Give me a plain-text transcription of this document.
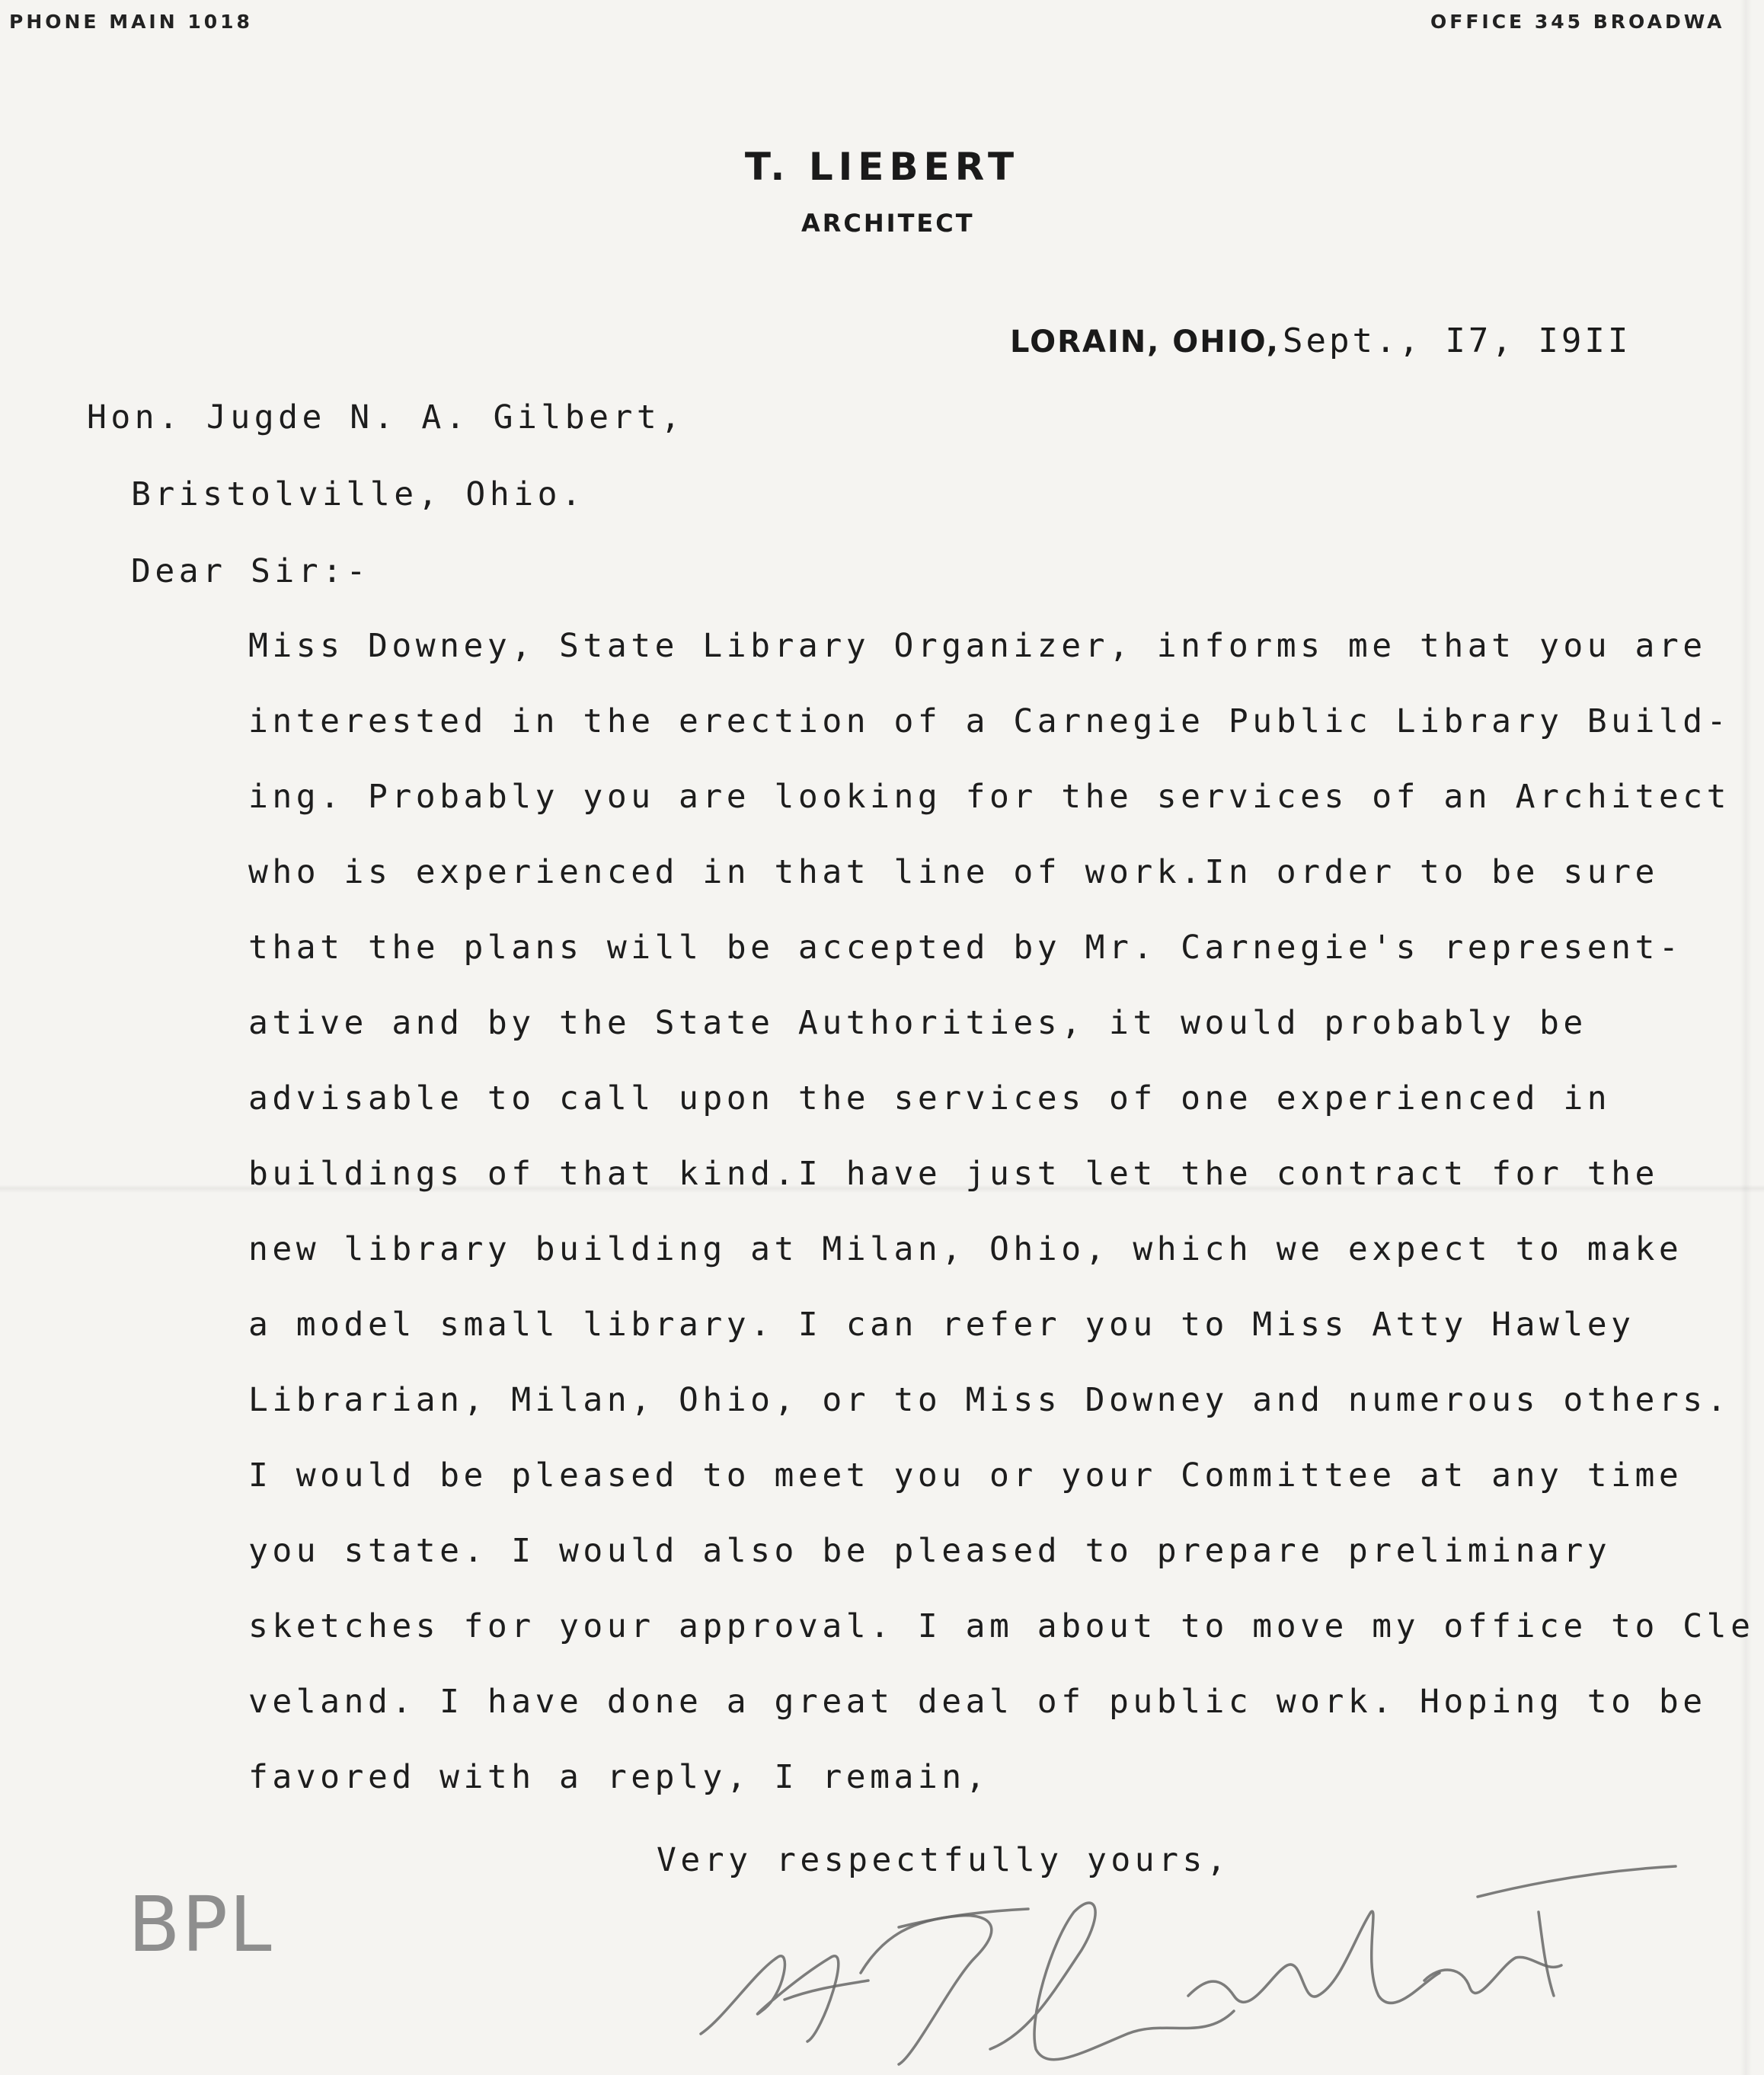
PHONE MAIN 1018	OFFICE 345 BROADWA
T. LIEBERT
ARCHITECT
LORAIN, OHIO, Sept., I7, I9II
Hon. Jugde N. A. Gilbert,
Bristolville, Ohio.
Dear Sir:-
Miss Downey, State Library Organizer, informs me that you are
interested in the erection of a Carnegie Public Library Build-
ing. Probably you are looking for the services of an Architect
who is experienced in that line of work.In order to be sure
that the plans will be accepted by Mr. Carnegie's represent-
ative and by the State Authorities, it would probably be
advisable to call upon the services of one experienced in
buildings of that kind.I have just let the contract for the
new library building at Milan, Ohio, which we expect to make
a model small library. I can refer you to Miss Atty Hawley
Librarian, Milan, Ohio, or to Miss Downey and numerous others.
I would be pleased to meet you or your Committee at any time
you state. I would also be pleased to prepare preliminary
sketches for your approval. I am about to move my office to Cle
veland. I have done a great deal of public work. Hoping to be
favored with a reply, I remain,
Very respectfully yours,
BPL
